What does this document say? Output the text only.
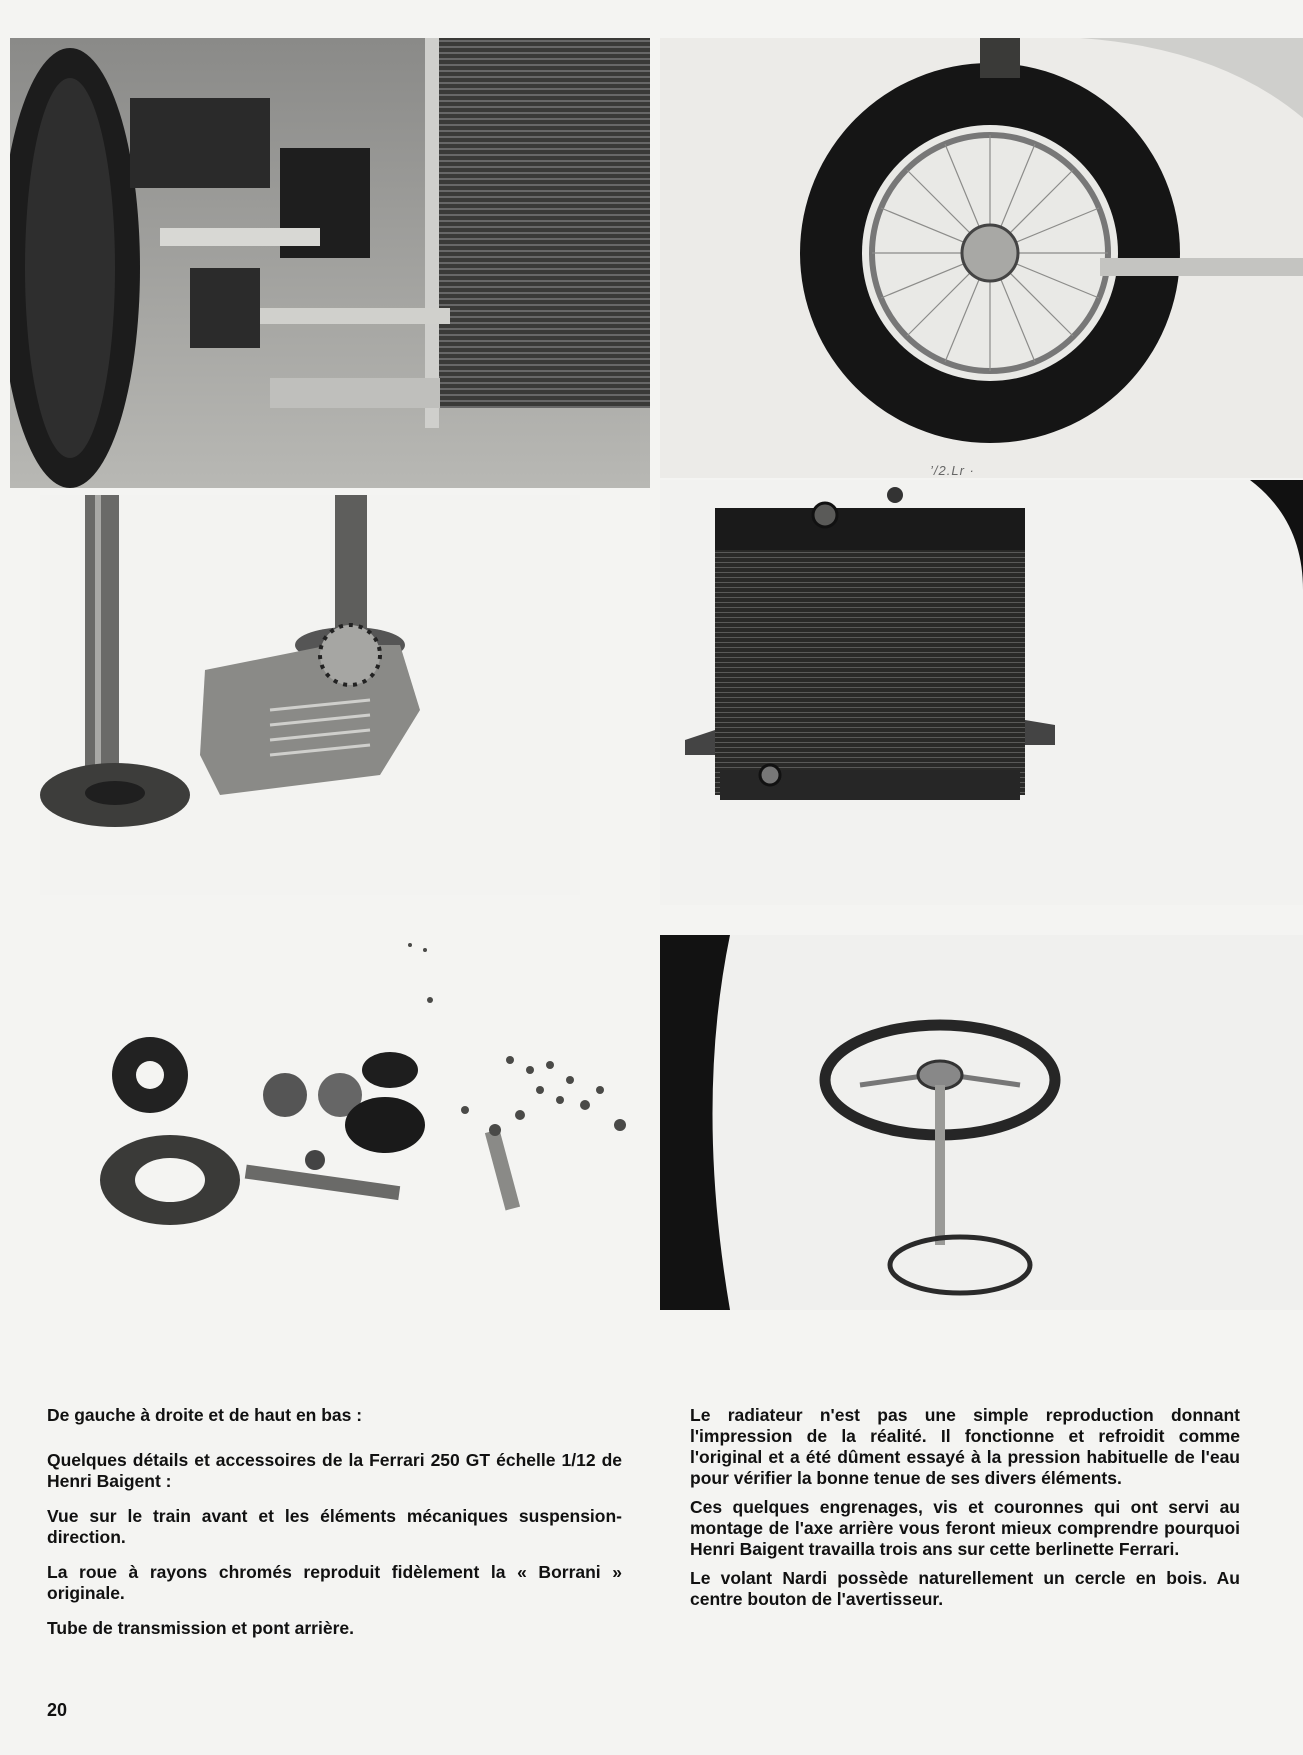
’/2.Lr ·

De gauche à droite et de haut en bas :

Quelques détails et accessoires de la Ferrari 250 GT échelle 1/12 de Henri Baigent :

Vue sur le train avant et les éléments mécaniques suspension-direction.

La roue à rayons chromés reproduit fidèlement la « Borrani » originale.

Tube de transmission et pont arrière.

Le radiateur n'est pas une simple reproduction donnant l'impression de la réalité. Il fonctionne et refroidit comme l'original et a été dûment essayé à la pression habituelle de l'eau pour vérifier la bonne tenue de ses divers éléments.

Ces quelques engrenages, vis et couronnes qui ont servi au montage de l'axe arrière vous feront mieux comprendre pourquoi Henri Baigent travailla trois ans sur cette berlinette Ferrari.

Le volant Nardi possède naturellement un cercle en bois. Au centre bouton de l'avertisseur.

20
